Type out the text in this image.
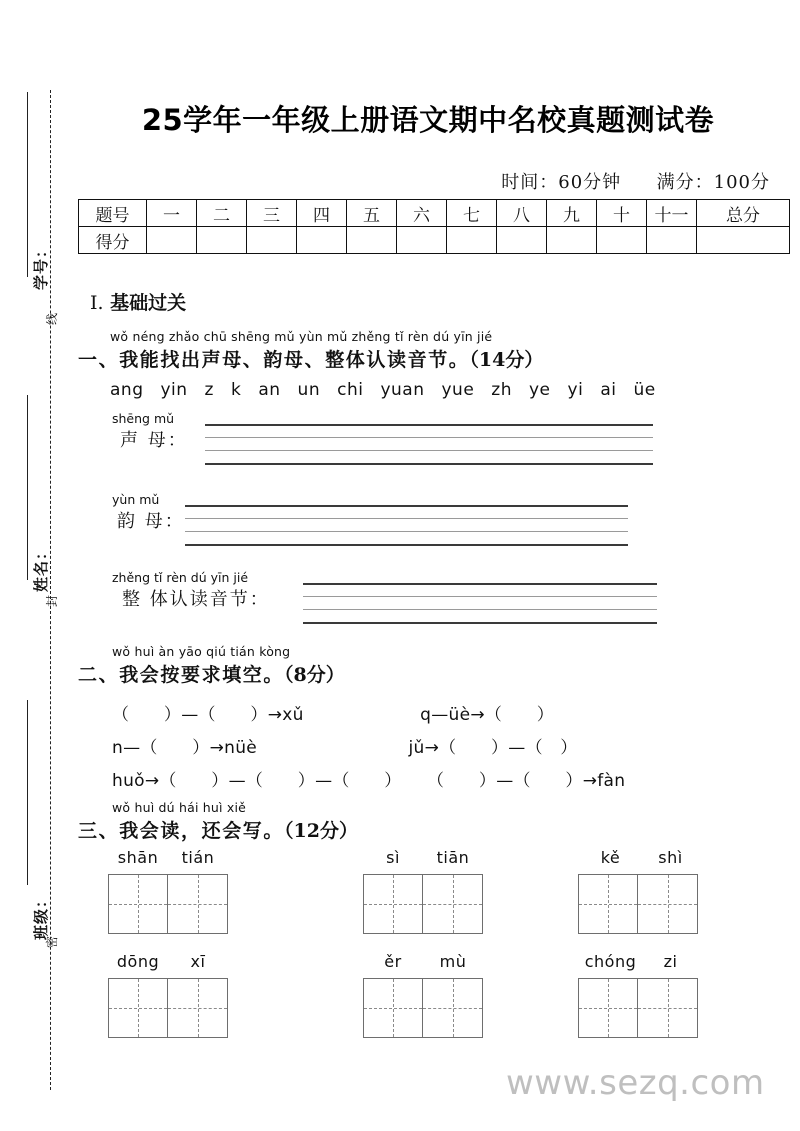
学号：
姓名：
班级：
线
封
密
25学年一年级上册语文期中名校真题测试卷
时间：60分钟 满分：100分
题号	一	二	三	四	五	六	七	八	九	十	十一	总分
得分												
Ⅰ. 基础过关
wǒ néng zhǎo chū shēng mǔ yùn mǔ zhěng tǐ rèn dú yīn jié
一、我能找出声母、韵母、整体认读音节。（14分）
ang yin z k an un chi yuan yue zh ye yi ai üe
shēng mǔ
声 母：
yùn mǔ
韵 母：
zhěng tǐ rèn dú yīn jié
整 体认读音节：
wǒ huì àn yāo qiú tián kòng
二、我会按要求填空。（8分）
（　　）—（　　）→xǔ	q—üè→（　　）
n—（　　）→nüè	jǔ→（　　）—（　）
huǒ→（　　）—（　　）—（　　） （　　）—（　　）→fàn
wǒ huì dú hái huì xiě
三、我会读，还会写。（12分）
shān tián	sì tiān	kě shì
dōng xī	ěr mù	chóng zi
www.sezq.com
